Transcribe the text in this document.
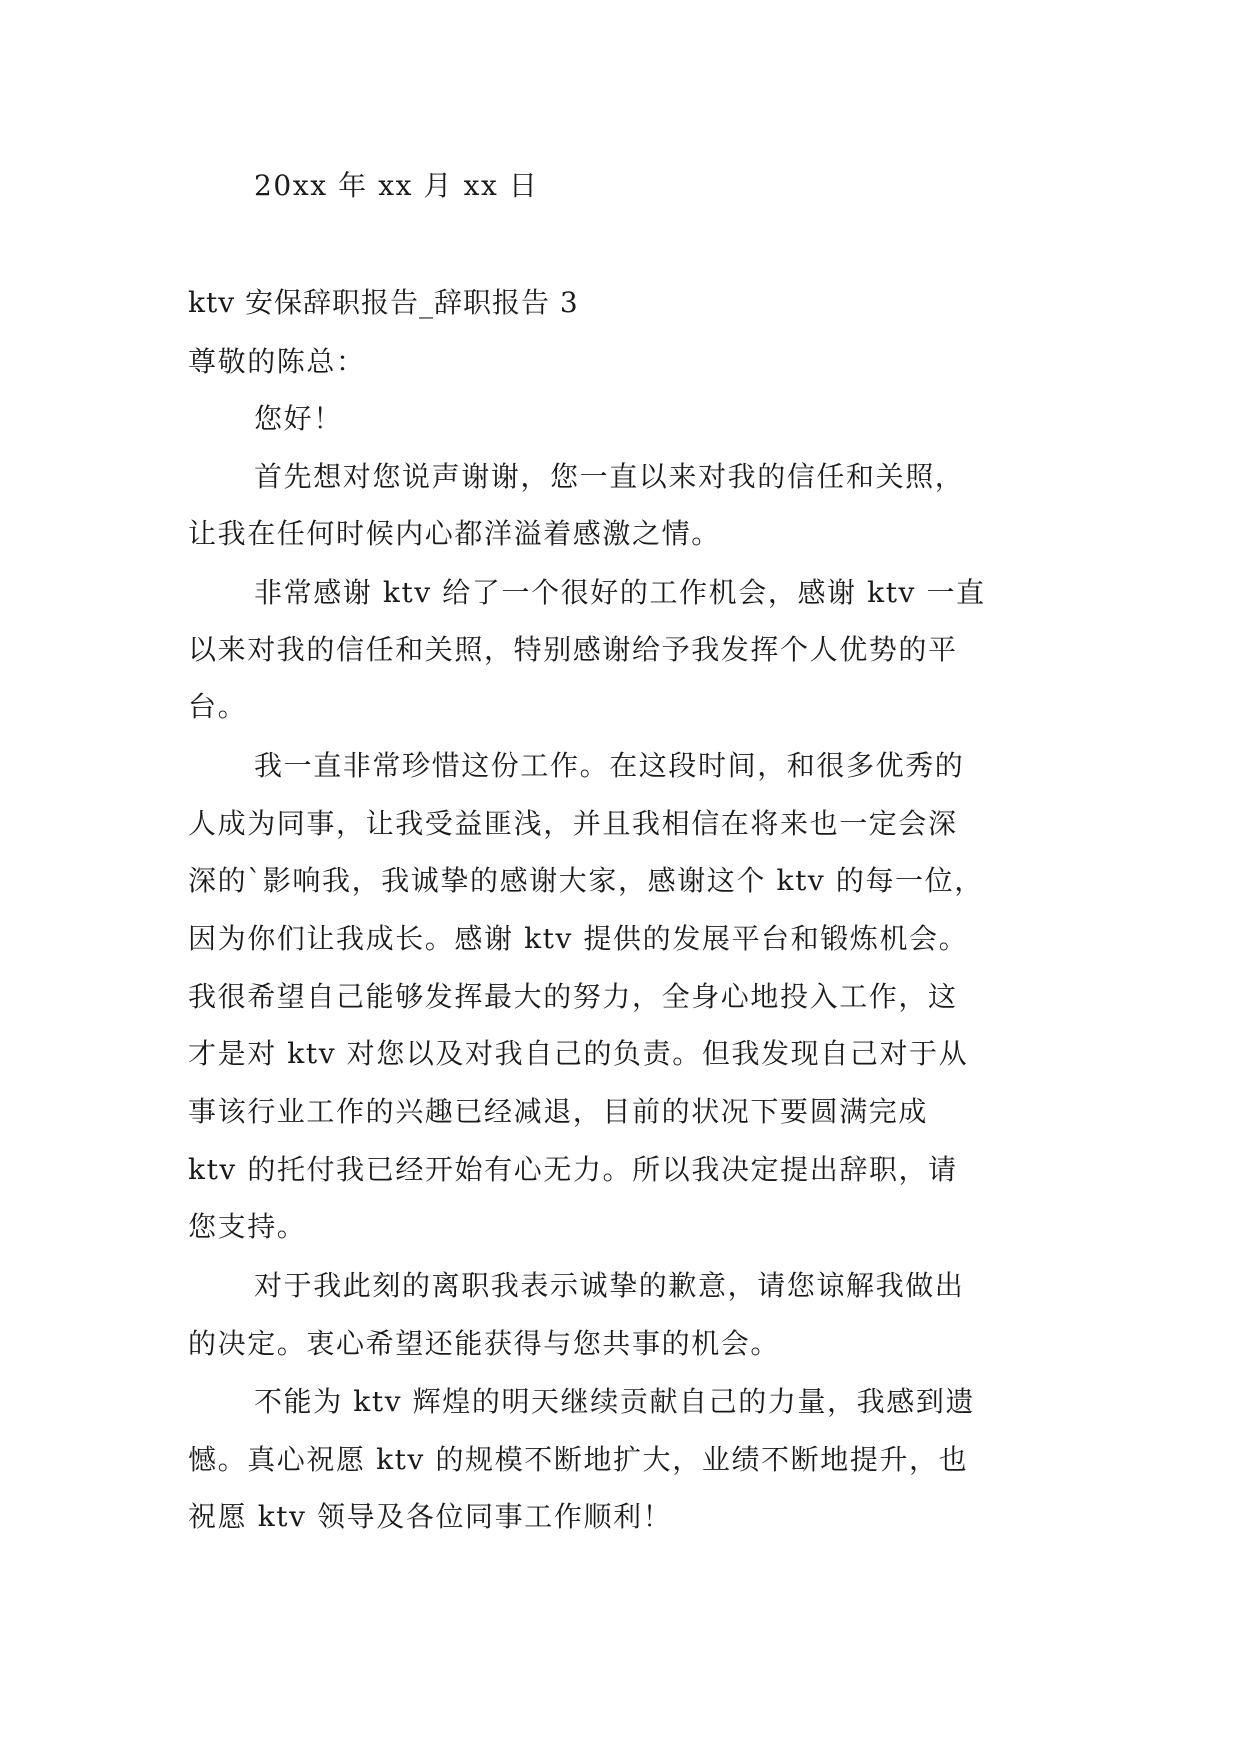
20xx 年 xx 月 xx 日
ktv 安保辞职报告_辞职报告 3
尊敬的陈总：
您好！
首先想对您说声谢谢，您一直以来对我的信任和关照，
让我在任何时候内心都洋溢着感激之情。
非常感谢 ktv 给了一个很好的工作机会，感谢 ktv 一直
以来对我的信任和关照，特别感谢给予我发挥个人优势的平
台。
我一直非常珍惜这份工作。在这段时间，和很多优秀的
人成为同事，让我受益匪浅，并且我相信在将来也一定会深
深的`影响我，我诚挚的感谢大家，感谢这个 ktv 的每一位，
因为你们让我成长。感谢 ktv 提供的发展平台和锻炼机会。
我很希望自己能够发挥最大的努力，全身心地投入工作，这
才是对 ktv 对您以及对我自己的负责。但我发现自己对于从
事该行业工作的兴趣已经减退，目前的状况下要圆满完成
ktv 的托付我已经开始有心无力。所以我决定提出辞职，请
您支持。
对于我此刻的离职我表示诚挚的歉意，请您谅解我做出
的决定。衷心希望还能获得与您共事的机会。
不能为 ktv 辉煌的明天继续贡献自己的力量，我感到遗
憾。真心祝愿 ktv 的规模不断地扩大，业绩不断地提升，也
祝愿 ktv 领导及各位同事工作顺利！
